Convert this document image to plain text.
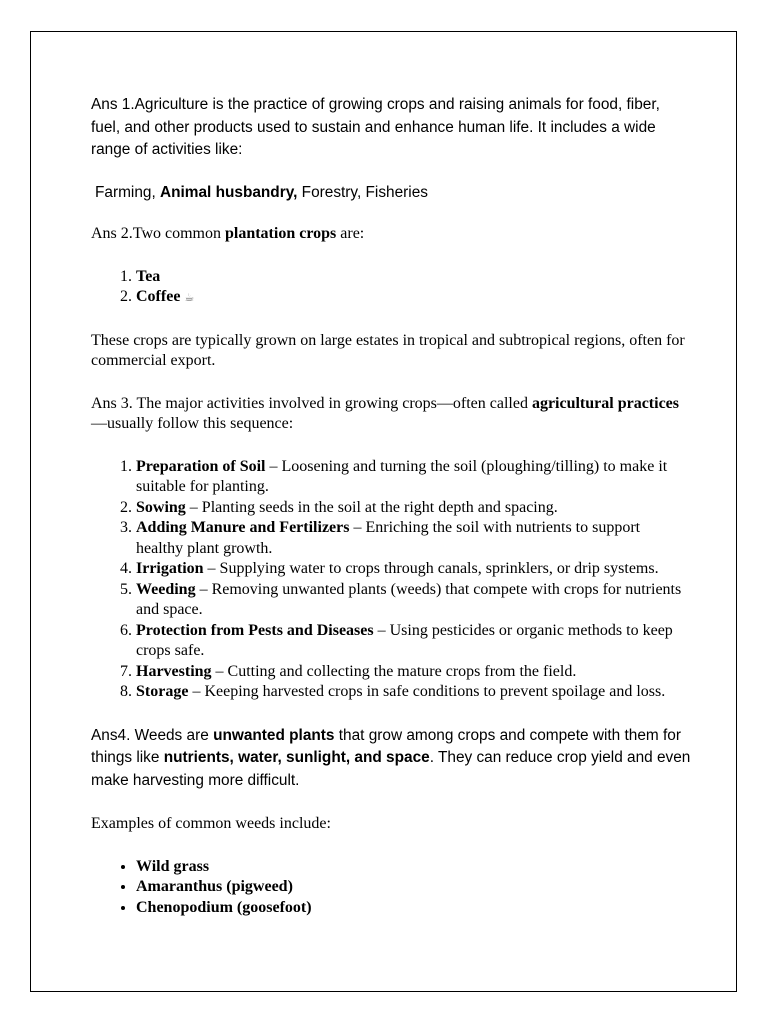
Ans 1.Agriculture is the practice of growing crops and raising animals for food, fiber, fuel, and other products used to sustain and enhance human life. It includes a wide range of activities like:

Farming, Animal husbandry, Forestry, Fisheries

Ans 2.Two common plantation crops are:

1. Tea
2. Coffee ☕

These crops are typically grown on large estates in tropical and subtropical regions, often for commercial export.

Ans 3. The major activities involved in growing crops—often called agricultural practices—usually follow this sequence:

1. Preparation of Soil – Loosening and turning the soil (ploughing/tilling) to make it suitable for planting.
2. Sowing – Planting seeds in the soil at the right depth and spacing.
3. Adding Manure and Fertilizers – Enriching the soil with nutrients to support healthy plant growth.
4. Irrigation – Supplying water to crops through canals, sprinklers, or drip systems.
5. Weeding – Removing unwanted plants (weeds) that compete with crops for nutrients and space.
6. Protection from Pests and Diseases – Using pesticides or organic methods to keep crops safe.
7. Harvesting – Cutting and collecting the mature crops from the field.
8. Storage – Keeping harvested crops in safe conditions to prevent spoilage and loss.

Ans4. Weeds are unwanted plants that grow among crops and compete with them for things like nutrients, water, sunlight, and space. They can reduce crop yield and even make harvesting more difficult.

Examples of common weeds include:

• Wild grass
• Amaranthus (pigweed)
• Chenopodium (goosefoot)
